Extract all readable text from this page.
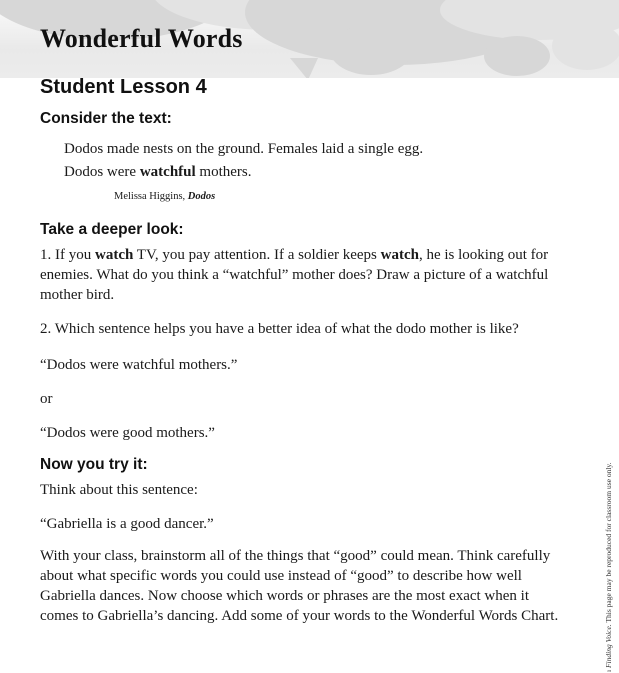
Wonderful Words
Student Lesson 4
Consider the text:

Dodos made nests on the ground. Females laid a single egg.

Dodos were watchful mothers.

Melissa Higgins, Dodos

Take a deeper look:

1. If you watch TV, you pay attention. If a soldier keeps watch, he is looking out for enemies. What do you think a “watchful” mother does? Draw a picture of a watchful mother bird.

2. Which sentence helps you have a better idea of what the dodo mother is like?

“Dodos were watchful mothers.”

or

“Dodos were good mothers.”

Now you try it:

Think about this sentence:

“Gabriella is a good dancer.”

With your class, brainstorm all of the things that “good” could mean. Think carefully about what specific words you could use instead of “good” to describe how well Gabriella dances. Now choose which words or phrases are the most exact when it comes to Gabriella’s dancing. Add some of your words to the Wonderful Words Chart.

ı Finding Voice. This page may be reproduced for classroom use only.
